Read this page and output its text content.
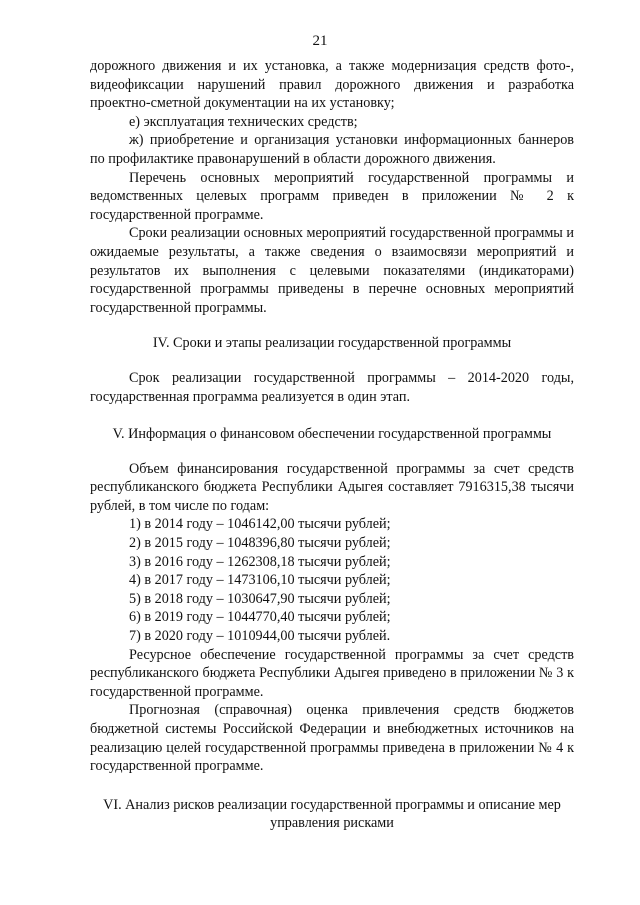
21

дорожного движения и их установка, а также модернизация средств фото-, видеофиксации нарушений правил дорожного движения и разработка проектно-сметной документации на их установку;

е) эксплуатация технических средств;

ж) приобретение и организация установки информационных баннеров по профилактике правонарушений в области дорожного движения.

Перечень основных мероприятий государственной программы и ведомственных целевых программ приведен в приложении № 2 к государственной программе.

Сроки реализации основных мероприятий государственной программы и ожидаемые результаты, а также сведения о взаимосвязи мероприятий и результатов их выполнения с целевыми показателями (индикаторами) государственной программы приведены в перечне основных мероприятий государственной программы.

IV. Сроки и этапы реализации государственной программы

Срок реализации государственной программы – 2014-2020 годы, государственная программа реализуется в один этап.

V. Информация о финансовом обеспечении государственной программы

Объем финансирования государственной программы за счет средств республиканского бюджета Республики Адыгея составляет 7916315,38 тысячи рублей, в том числе по годам:

1) в 2014 году – 1046142,00 тысячи рублей;

2) в 2015 году – 1048396,80 тысячи рублей;

3) в 2016 году – 1262308,18 тысячи рублей;

4) в 2017 году – 1473106,10 тысячи рублей;

5) в 2018 году – 1030647,90 тысячи рублей;

6) в 2019 году – 1044770,40 тысячи рублей;

7) в 2020 году – 1010944,00 тысячи рублей.

Ресурсное обеспечение государственной программы за счет средств республиканского бюджета Республики Адыгея приведено в приложении № 3 к государственной программе.

Прогнозная (справочная) оценка привлечения средств бюджетов бюджетной системы Российской Федерации и внебюджетных источников на реализацию целей государственной программы приведена в приложении № 4 к государственной программе.

VI. Анализ рисков реализации государственной программы и описание мер

управления рисками
